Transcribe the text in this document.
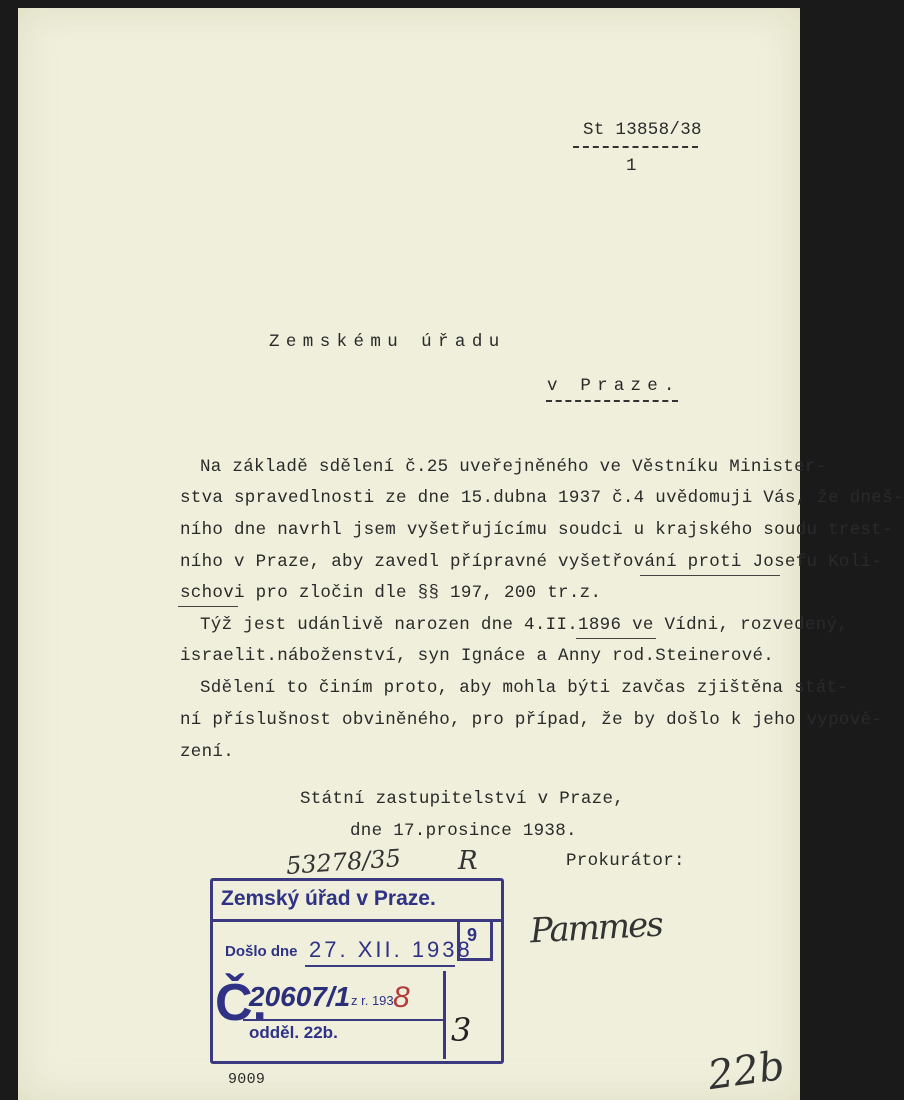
St 13858/38
1
Zemskému úřadu
v Praze.
Na základě sdělení č.25 uveřejněného ve Věstníku Minister-
stva spravedlnosti ze dne 15.dubna 1937 č.4 uvědomuji Vás, že dneš-
ního dne navrhl jsem vyšetřujícímu soudci u krajského soudu trest-
ního v Praze, aby zavedl přípravné vyšetřování proti Josefu Koli-
schovi pro zločin dle §§ 197, 200 tr.z.
Týž jest udánlivě narozen dne 4.II.1896 ve Vídni, rozvedený,
israelit.náboženství, syn Ignáce a Anny rod.Steinerové.
Sdělení to činím proto, aby mohla býti zavčas zjištěna stát-
ní příslušnost obviněného, pro případ, že by došlo k jeho vypově-
zení.
Státní zastupitelství v Praze,
dne 17.prosince 1938.
Prokurátor:
53278/35 R
Pammes
22b
9009
Zemský úřad v Praze.
9
Došlo dne 27. XII. 1938
Č.
20607/1 z r. 193 8
odděl. 22b.	3
